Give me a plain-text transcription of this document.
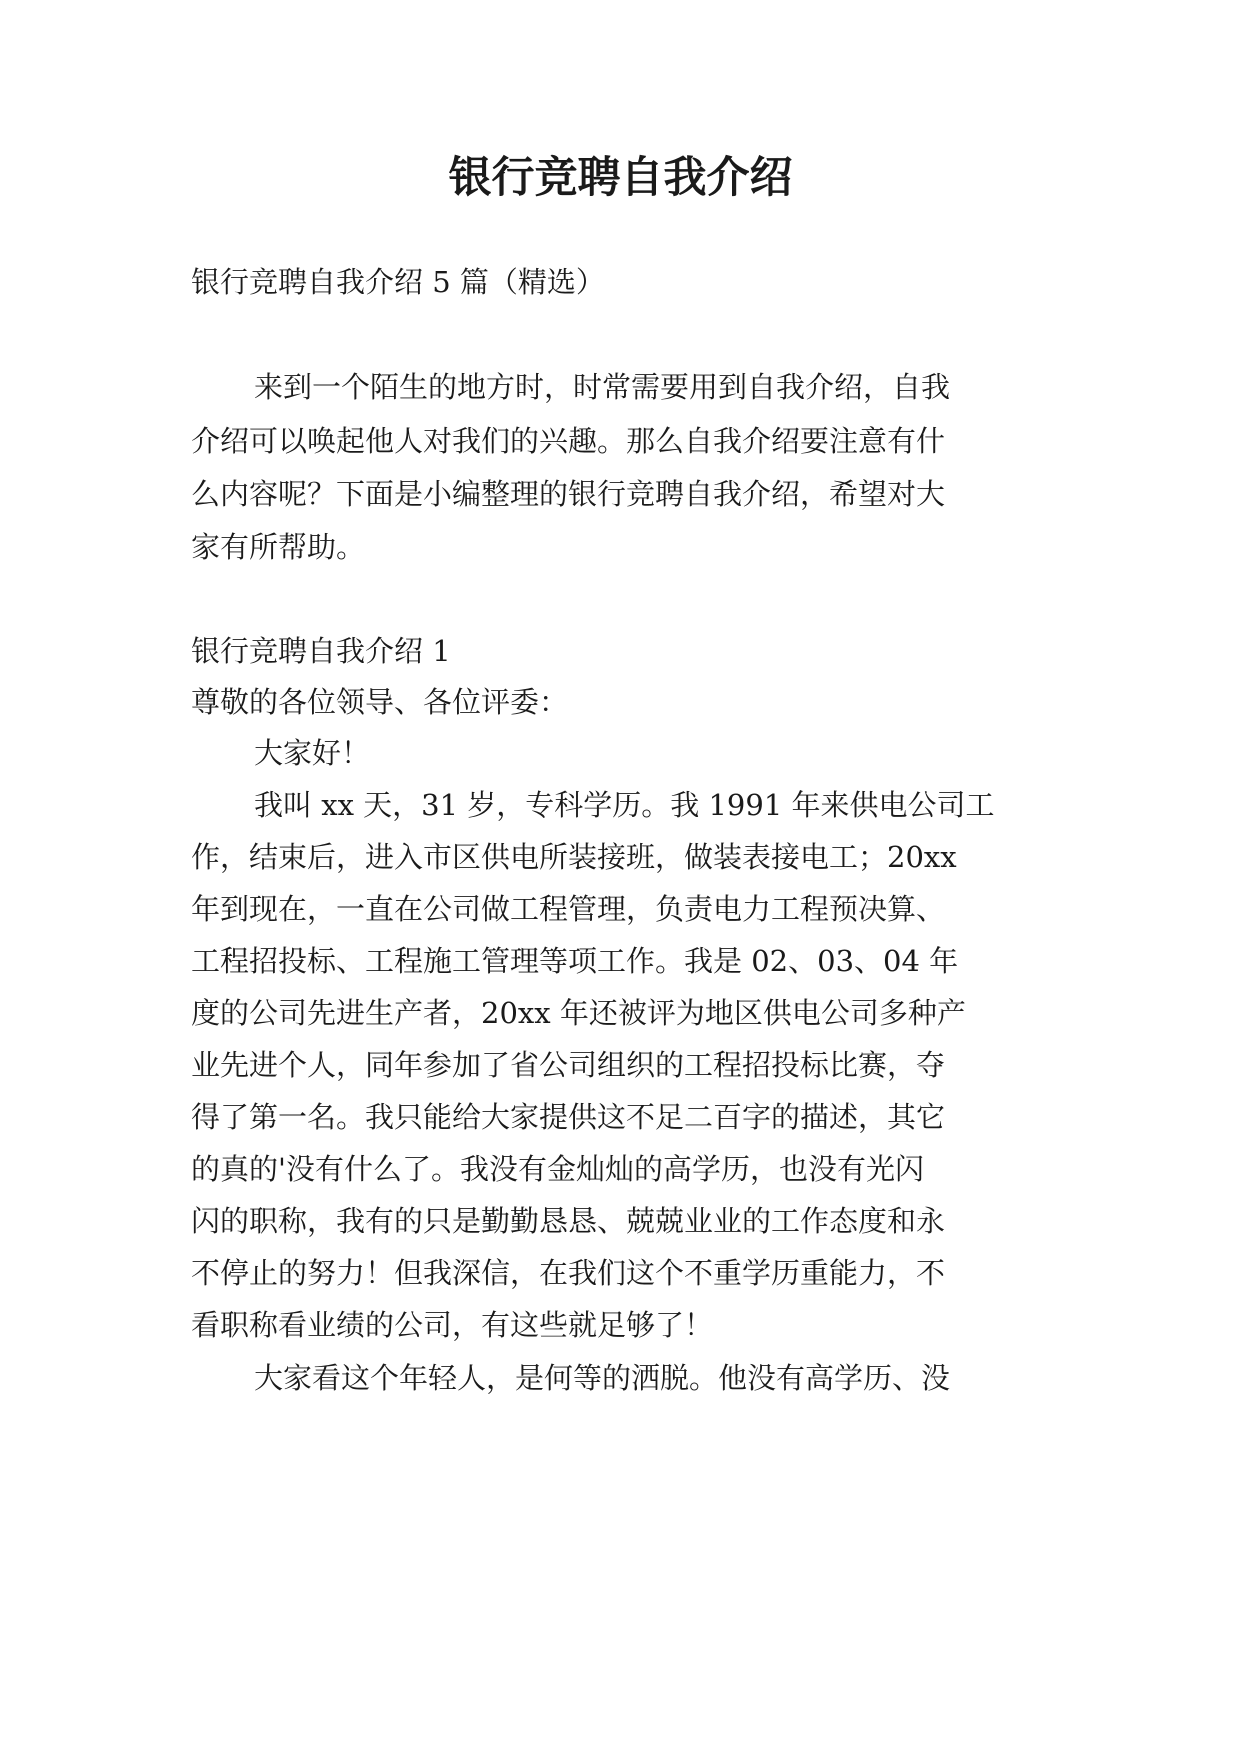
银行竞聘自我介绍

银行竞聘自我介绍 5 篇（精选）

来到一个陌生的地方时，时常需要用到自我介绍，自我

介绍可以唤起他人对我们的兴趣。那么自我介绍要注意有什

么内容呢？下面是小编整理的银行竞聘自我介绍，希望对大

家有所帮助。

银行竞聘自我介绍 1

尊敬的各位领导、各位评委：

大家好！

我叫 xx 天，31 岁，专科学历。我 1991 年来供电公司工

作，结束后，进入市区供电所装接班，做装表接电工；20xx

年到现在，一直在公司做工程管理，负责电力工程预决算、

工程招投标、工程施工管理等项工作。我是 02、03、04 年

度的公司先进生产者，20xx 年还被评为地区供电公司多种产

业先进个人，同年参加了省公司组织的工程招投标比赛，夺

得了第一名。我只能给大家提供这不足二百字的描述，其它

的真的'没有什么了。我没有金灿灿的高学历，也没有光闪

闪的职称，我有的只是勤勤恳恳、兢兢业业的工作态度和永

不停止的努力！但我深信，在我们这个不重学历重能力，不

看职称看业绩的公司，有这些就足够了！

大家看这个年轻人，是何等的洒脱。他没有高学历、没
